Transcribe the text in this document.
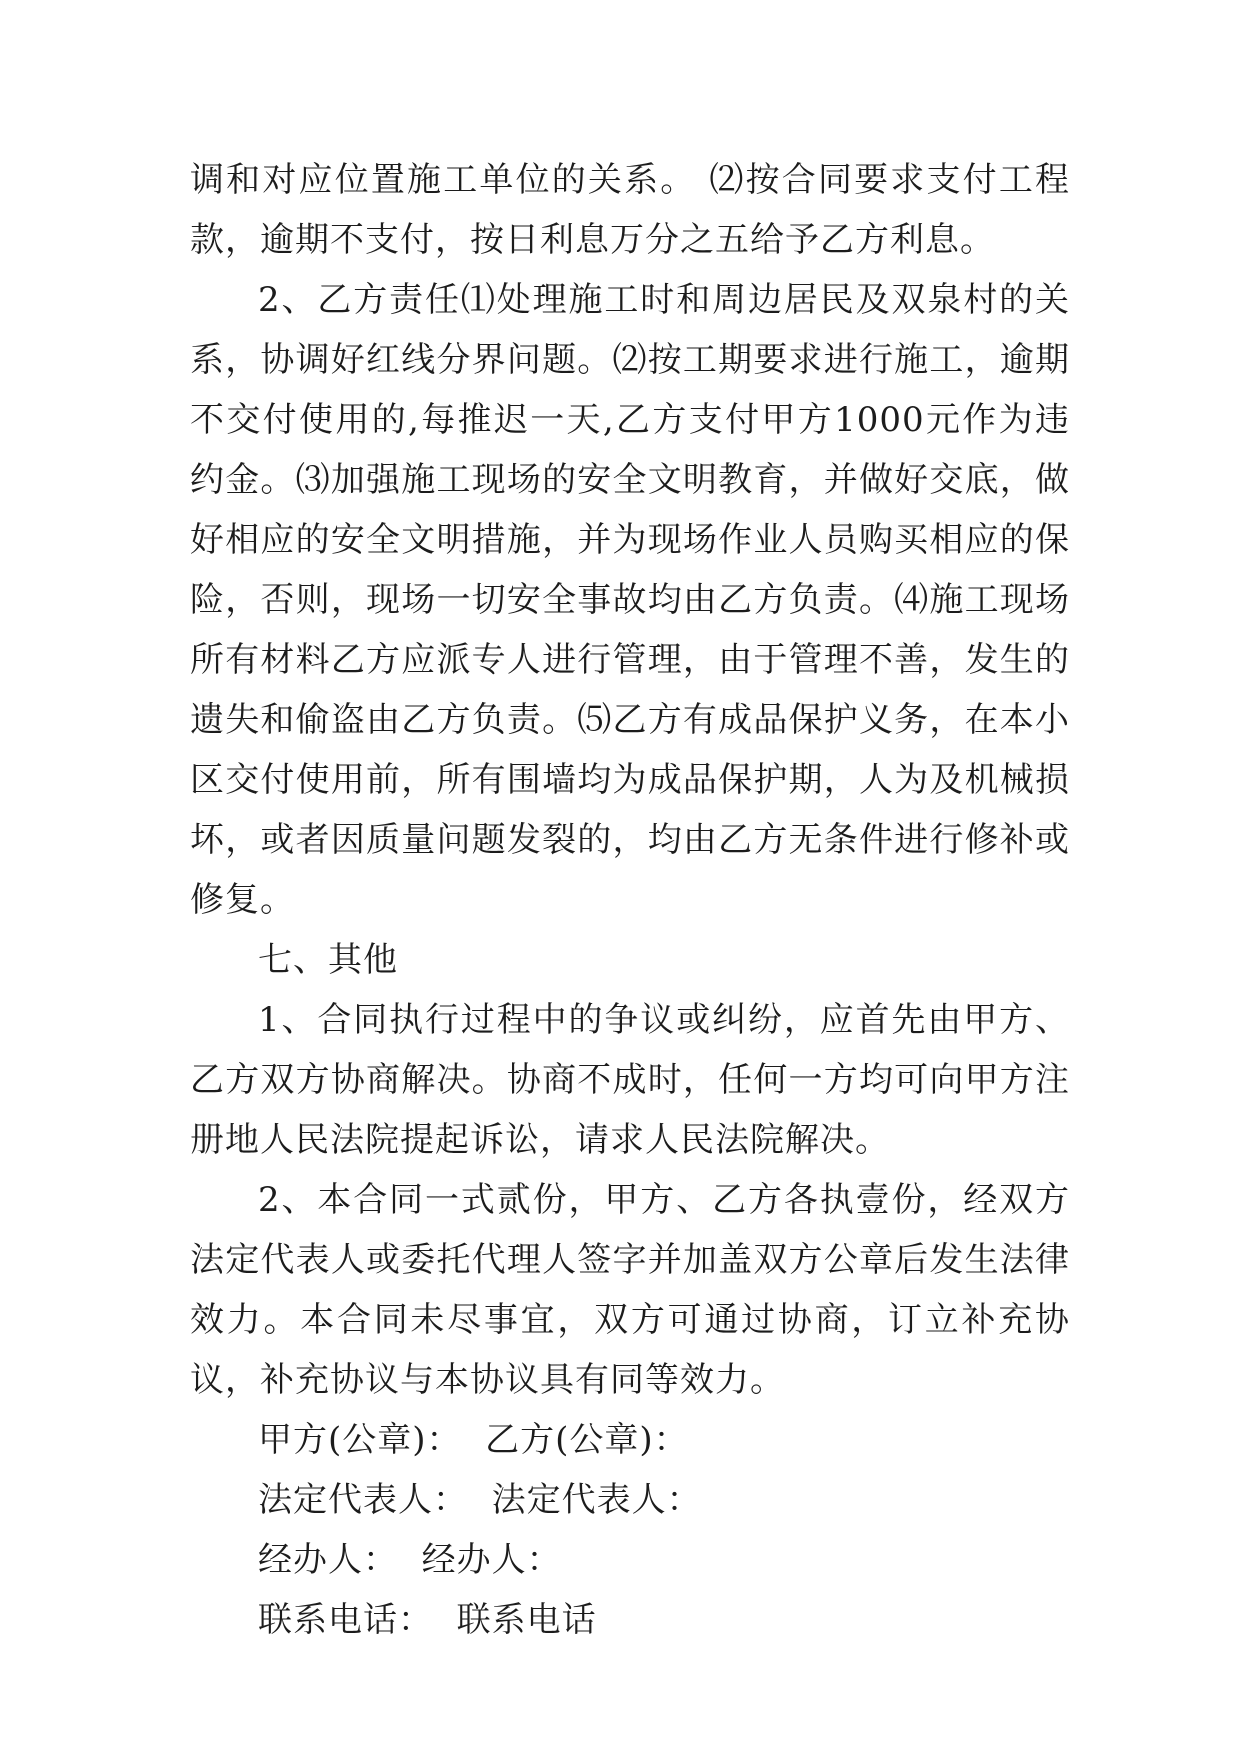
调和对应位置施工单位的关系。 ⑵按合同要求支付工程款，逾期不支付，按日利息万分之五给予乙方利息。

2、乙方责任⑴处理施工时和周边居民及双泉村的关系，协调好红线分界问题。⑵按工期要求进行施工，逾期不交付使用的,每推迟一天,乙方支付甲方1000元作为违约金。⑶加强施工现场的安全文明教育，并做好交底，做好相应的安全文明措施，并为现场作业人员购买相应的保险，否则，现场一切安全事故均由乙方负责。⑷施工现场所有材料乙方应派专人进行管理，由于管理不善，发生的遗失和偷盗由乙方负责。⑸乙方有成品保护义务，在本小区交付使用前，所有围墙均为成品保护期，人为及机械损坏，或者因质量问题发裂的，均由乙方无条件进行修补或修复。

七、其他

1、合同执行过程中的争议或纠纷，应首先由甲方、乙方双方协商解决。协商不成时，任何一方均可向甲方注册地人民法院提起诉讼，请求人民法院解决。

2、本合同一式贰份，甲方、乙方各执壹份，经双方法定代表人或委托代理人签字并加盖双方公章后发生法律效力。本合同未尽事宜，双方可通过协商，订立补充协议，补充协议与本协议具有同等效力。

甲方(公章)：  乙方(公章)：

法定代表人：  法定代表人：

经办人：  经办人：

联系电话：  联系电话
